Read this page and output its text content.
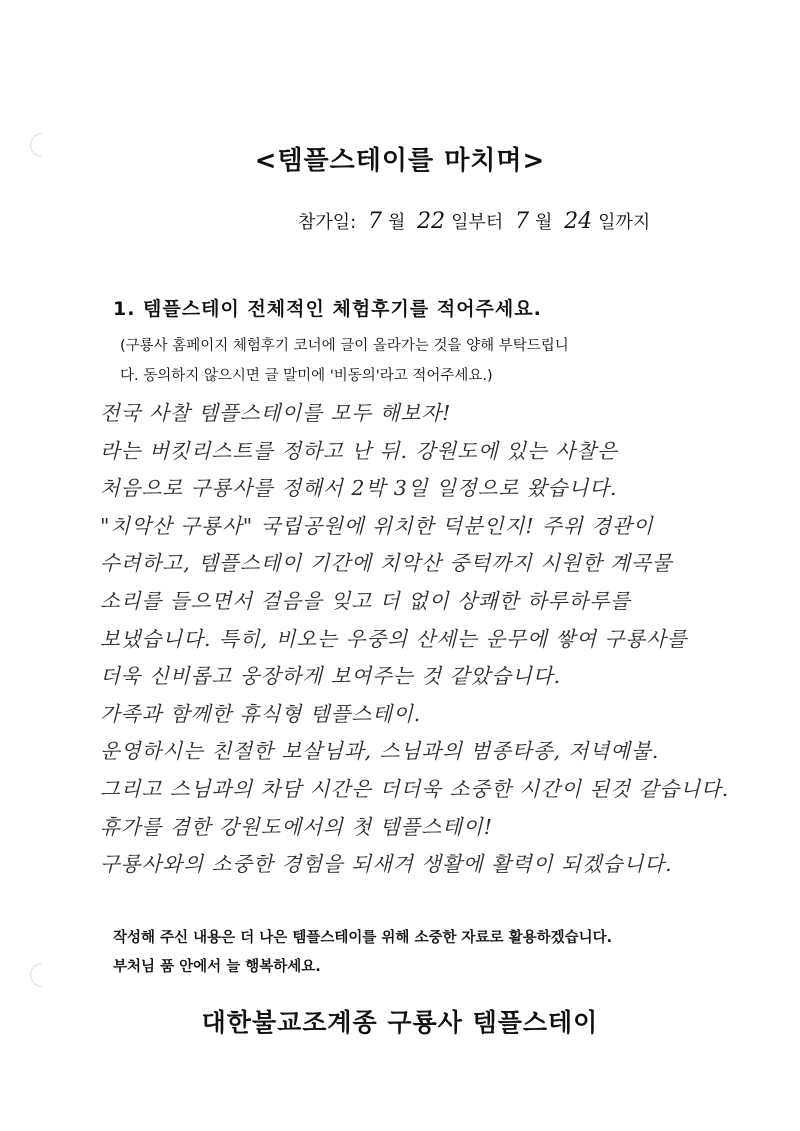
<템플스테이를 마치며>
참가일: 7 월 22 일부터 7 월 24 일까지
1. 템플스테이 전체적인 체험후기를 적어주세요.
(구룡사 홈페이지 체험후기 코너에 글이 올라가는 것을 양해 부탁드립니
다. 동의하지 않으시면 글 말미에 '비동의'라고 적어주세요.)
전국 사찰 템플스테이를 모두 해보자!
라는 버킷리스트를 정하고 난 뒤. 강원도에 있는 사찰은
처음으로 구룡사를 정해서 2박 3일 일정으로 왔습니다.
"치악산 구룡사" 국립공원에 위치한 덕분인지! 주위 경관이
수려하고, 템플스테이 기간에 치악산 중턱까지 시원한 계곡물
소리를 들으면서 걸음을 잊고 더 없이 상쾌한 하루하루를
보냈습니다. 특히, 비오는 우중의 산세는 운무에 쌓여 구룡사를
더욱 신비롭고 웅장하게 보여주는 것 같았습니다.
가족과 함께한 휴식형 템플스테이.
운영하시는 친절한 보살님과, 스님과의 범종타종, 저녁예불.
그리고 스님과의 차담 시간은 더더욱 소중한 시간이 된것 같습니다.
휴가를 겸한 강원도에서의 첫 템플스테이!
구룡사와의 소중한 경험을 되새겨 생활에 활력이 되겠습니다.
작성해 주신 내용은 더 나은 템플스테이를 위해 소중한 자료로 활용하겠습니다.
부처님 품 안에서 늘 행복하세요.
대한불교조계종 구룡사 템플스테이
